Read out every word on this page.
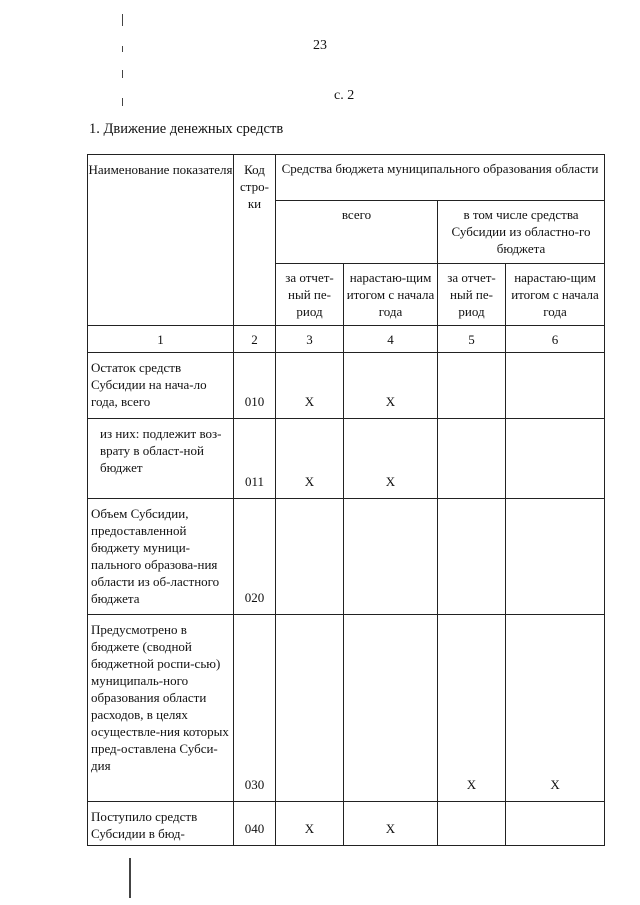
23
с. 2
1. Движение денежных средств
Наименование показателя	Код стро-ки	Средства бюджета муниципального образования области			
		всего		в том числе средства Субсидии из областно-го бюджета	
		за отчет-ный пе-риод	нарастаю-щим итогом с начала года	за отчет-ный пе-риод	нарастаю-щим итогом с начала года
1	2	3	4	5	6
Остаток средств Субсидии на нача-ло года, всего	010	X	X		
из них: подлежит воз-врату в област-ной бюджет	011	X	X		
Объем Субсидии, предоставленной бюджету муници-пального образова-ния области из об-ластного бюджета	020				
Предусмотрено в бюджете (сводной бюджетной роспи-сью) муниципаль-ного образования области расходов, в целях осуществле-ния которых пред-оставлена Субси-дия	030			X	X
Поступило средств Субсидии в бюд-	040	X	X		
